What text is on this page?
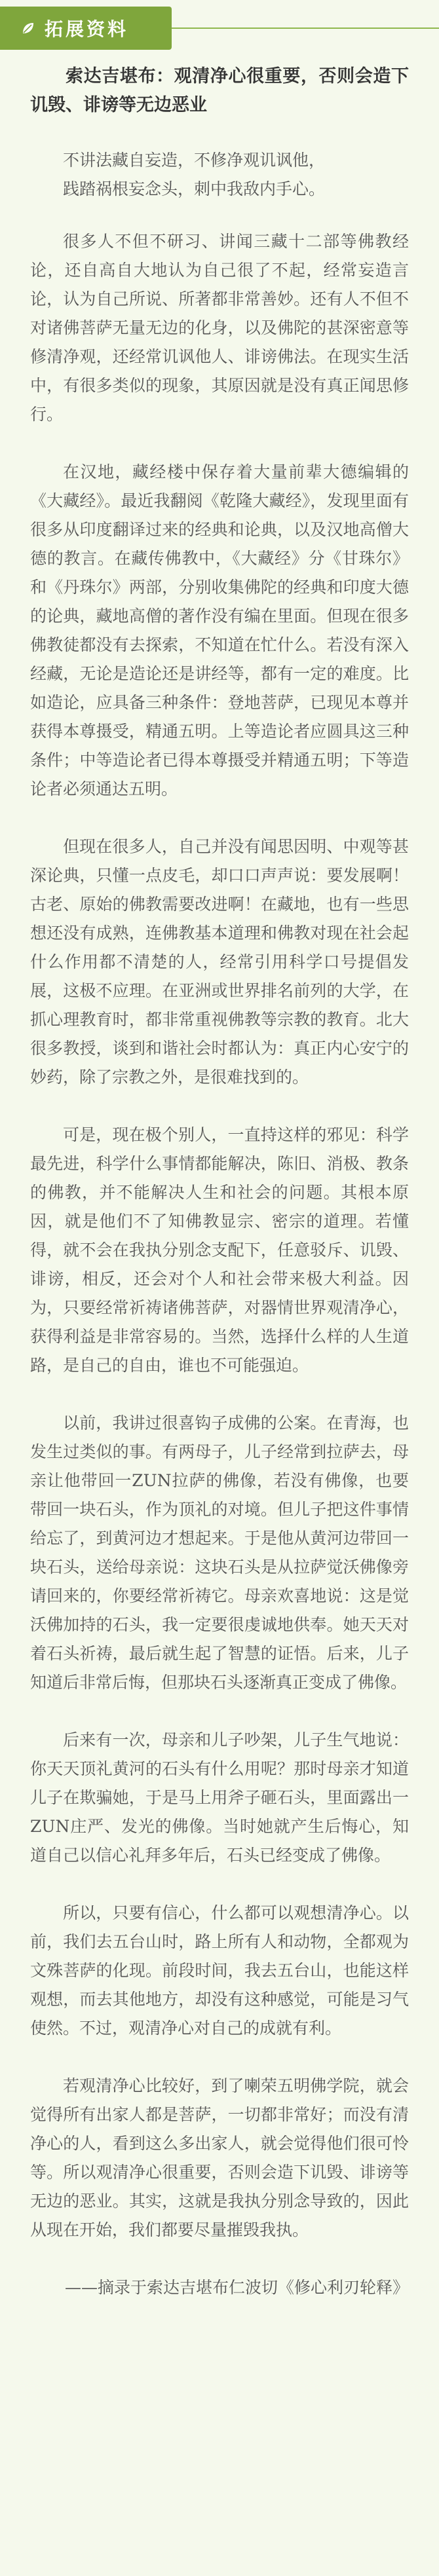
拓展资料
索达吉堪布：观清净心很重要，否则会造下讥毁、诽谤等无边恶业
不讲法藏自妄造，不修净观讥讽他，
践踏祸根妄念头，刺中我敌内手心。

很多人不但不研习、讲闻三藏十二部等佛教经论，还自高自大地认为自己很了不起，经常妄造言论，认为自己所说、所著都非常善妙。还有人不但不对诸佛菩萨无量无边的化身，以及佛陀的甚深密意等修清净观，还经常讥讽他人、诽谤佛法。在现实生活中，有很多类似的现象，其原因就是没有真正闻思修行。

在汉地，藏经楼中保存着大量前辈大德编辑的《大藏经》。最近我翻阅《乾隆大藏经》，发现里面有很多从印度翻译过来的经典和论典，以及汉地高僧大德的教言。在藏传佛教中，《大藏经》分《甘珠尔》和《丹珠尔》两部，分别收集佛陀的经典和印度大德的论典，藏地高僧的著作没有编在里面。但现在很多佛教徒都没有去探索，不知道在忙什么。若没有深入经藏，无论是造论还是讲经等，都有一定的难度。比如造论，应具备三种条件：登地菩萨，已现见本尊并获得本尊摄受，精通五明。上等造论者应圆具这三种条件；中等造论者已得本尊摄受并精通五明；下等造论者必须通达五明。

但现在很多人，自己并没有闻思因明、中观等甚深论典，只懂一点皮毛，却口口声声说：要发展啊！古老、原始的佛教需要改进啊！在藏地，也有一些思想还没有成熟，连佛教基本道理和佛教对现在社会起什么作用都不清楚的人，经常引用科学口号提倡发展，这极不应理。在亚洲或世界排名前列的大学，在抓心理教育时，都非常重视佛教等宗教的教育。北大很多教授，谈到和谐社会时都认为：真正内心安宁的妙药，除了宗教之外，是很难找到的。

可是，现在极个别人，一直持这样的邪见：科学最先进，科学什么事情都能解决，陈旧、消极、教条的佛教，并不能解决人生和社会的问题。其根本原因，就是他们不了知佛教显宗、密宗的道理。若懂得，就不会在我执分别念支配下，任意驳斥、讥毁、诽谤，相反，还会对个人和社会带来极大利益。因为，只要经常祈祷诸佛菩萨，对器情世界观清净心，获得利益是非常容易的。当然，选择什么样的人生道路，是自己的自由，谁也不可能强迫。

以前，我讲过很喜钩子成佛的公案。在青海，也发生过类似的事。有两母子，儿子经常到拉萨去，母亲让他带回一ZUN拉萨的佛像，若没有佛像，也要带回一块石头，作为顶礼的对境。但儿子把这件事情给忘了，到黄河边才想起来。于是他从黄河边带回一块石头，送给母亲说：这块石头是从拉萨觉沃佛像旁请回来的，你要经常祈祷它。母亲欢喜地说：这是觉沃佛加持的石头，我一定要很虔诚地供奉。她天天对着石头祈祷，最后就生起了智慧的证悟。后来，儿子知道后非常后悔，但那块石头逐渐真正变成了佛像。

后来有一次，母亲和儿子吵架，儿子生气地说：你天天顶礼黄河的石头有什么用呢？那时母亲才知道儿子在欺骗她，于是马上用斧子砸石头，里面露出一ZUN庄严、发光的佛像。当时她就产生后悔心，知道自己以信心礼拜多年后，石头已经变成了佛像。

所以，只要有信心，什么都可以观想清净心。以前，我们去五台山时，路上所有人和动物，全都观为文殊菩萨的化现。前段时间，我去五台山，也能这样观想，而去其他地方，却没有这种感觉，可能是习气使然。不过，观清净心对自己的成就有利。

若观清净心比较好，到了喇荣五明佛学院，就会觉得所有出家人都是菩萨，一切都非常好；而没有清净心的人，看到这么多出家人，就会觉得他们很可怜等。所以观清净心很重要，否则会造下讥毁、诽谤等无边的恶业。其实，这就是我执分别念导致的，因此从现在开始，我们都要尽量摧毁我执。

——摘录于索达吉堪布仁波切《修心利刃轮释》
